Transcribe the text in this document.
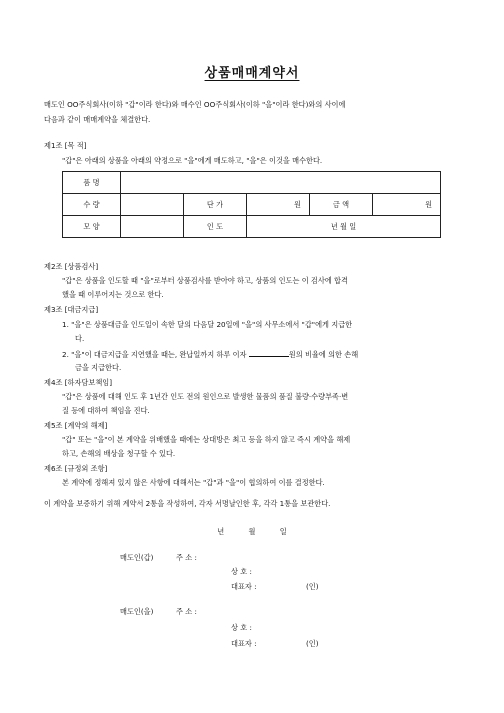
상품매매계약서
매도인 OO주식회사(이하 "갑"이라 한다)와 매수인 OO주식회사(이하 "을"이라 한다)와의 사이에
다음과 같이 매매계약을 체결한다.
제1조 [목 적]
"갑"은 아래의 상품을 아래의 약정으로 "을"에게 매도하고, "을"은 이것을 매수한다.
품 명					
수 량		단 가	원	금 액	원
모 양		인 도	년 월 일		
제2조 [상품검사]
"갑"은 상품을 인도할 때 "을"로부터 상품검사를 받아야 하고, 상품의 인도는 이 검사에 합격
했을 때 이루어지는 것으로 한다.
제3조 [대금지급]
1. "을"은 상품대금을 인도일이 속한 달의 다음달 20일에 "을"의 사무소에서 "갑"에게 지급한
다.
2. "을"이 대금지급을 지연했을 때는, 완납일까지 하루 이자	원의 비율에 의한 손해
금을 지급한다.
제4조 [하자담보책임]
"갑"은 상품에 대해 인도 후 1년간 인도 전의 원인으로 발생한 물품의 품질 불량·수량부족·변
질 등에 대하여 책임을 진다.
제5조 [계약의 해제]
"갑" 또는 "을"이 본 계약을 위배했을 때에는 상대방은 최고 등을 하지 않고 즉시 계약을 해제
하고, 손해의 배상을 청구할 수 있다.
제6조 [규정외 조항]
본 계약에 정해져 있지 않은 사항에 대해서는 "갑"과 "을"이 협의하여 이를 결정한다.
이 계약을 보증하기 위해 계약서 2통을 작성하여, 각자 서명날인한 후, 각각 1통을 보관한다.
년 월 일
매도인(갑)	주 소 :
상 호 :
대표자 :	(인)
매도인(을)	주 소 :
상 호 :
대표자 :	(인)
